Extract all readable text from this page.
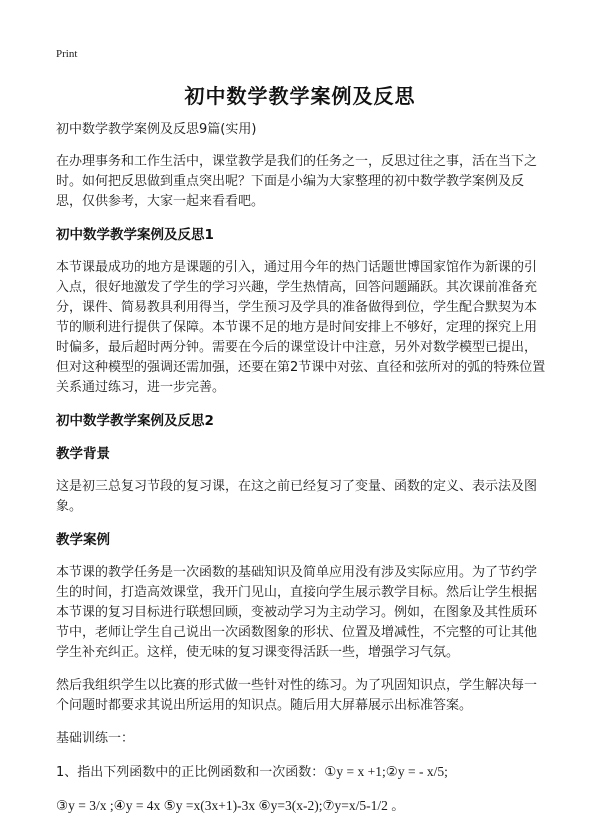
Print
初中数学教学案例及反思

初中数学教学案例及反思9篇(实用)

在办理事务和工作生活中，课堂教学是我们的任务之一，反思过往之事，活在当下之时。如何把反思做到重点突出呢？下面是小编为大家整理的初中数学教学案例及反思，仅供参考，大家一起来看看吧。

初中数学教学案例及反思1

本节课最成功的地方是课题的引入，通过用今年的热门话题世博国家馆作为新课的引入点，很好地激发了学生的学习兴趣，学生热情高，回答问题踊跃。其次课前准备充分，课件、简易教具利用得当，学生预习及学具的准备做得到位，学生配合默契为本节的顺利进行提供了保障。本节课不足的地方是时间安排上不够好，定理的探究上用时偏多，最后超时两分钟。需要在今后的课堂设计中注意，另外对数学模型已提出，但对这种模型的强调还需加强，还要在第2节课中对弦、直径和弦所对的弧的特殊位置关系通过练习，进一步完善。

初中数学教学案例及反思2

教学背景

这是初三总复习节段的复习课，在这之前已经复习了变量、函数的定义、表示法及图象。

教学案例

本节课的教学任务是一次函数的基础知识及简单应用没有涉及实际应用。为了节约学生的时间，打造高效课堂，我开门见山，直接向学生展示教学目标。然后让学生根据本节课的复习目标进行联想回顾，变被动学习为主动学习。例如，在图象及其性质环节中，老师让学生自己说出一次函数图象的形状、位置及增减性，不完整的可让其他学生补充纠正。这样，使无味的复习课变得活跃一些，增强学习气氛。

然后我组织学生以比赛的形式做一些针对性的练习。为了巩固知识点，学生解决每一个问题时都要求其说出所运用的知识点。随后用大屏幕展示出标准答案。

基础训练一：

1、指出下列函数中的正比例函数和一次函数：①y = x +1;②y = - x/5;

③y = 3/x ;④y = 4x ⑤y =x(3x+1)-3x ⑥y=3(x-2);⑦y=x/5-1/2 。
